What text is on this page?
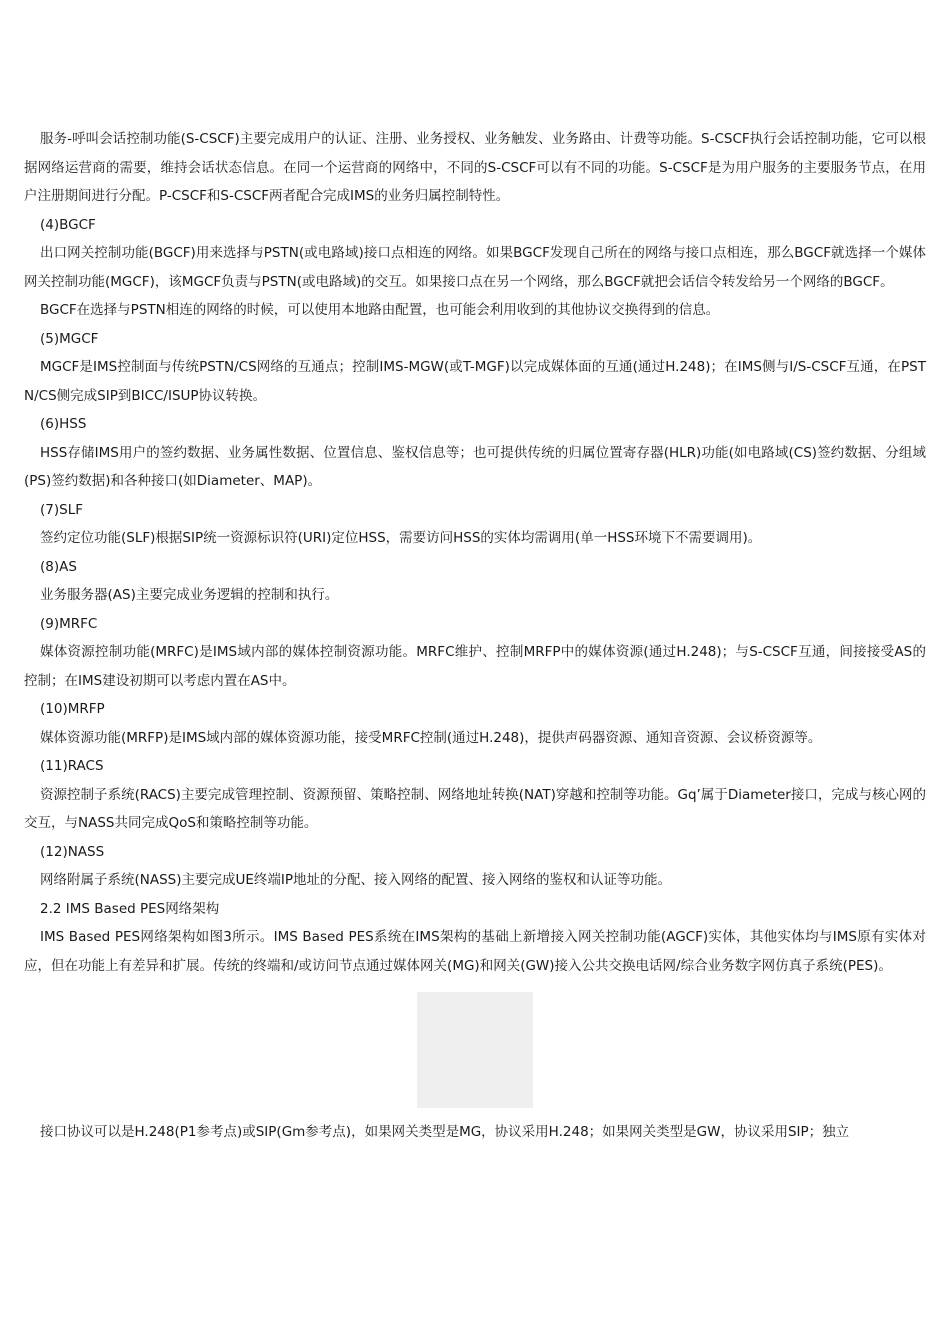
服务-呼叫会话控制功能(S-CSCF)主要完成用户的认证、注册、业务授权、业务触发、业务路由、计费等功能。S-CSCF执行会话控制功能，它可以根据网络运营商的需要，维持会话状态信息。在同一个运营商的网络中，不同的S-CSCF可以有不同的功能。S-CSCF是为用户服务的主要服务节点，在用户注册期间进行分配。P-CSCF和S-CSCF两者配合完成IMS的业务归属控制特性。

(4)BGCF

出口网关控制功能(BGCF)用来选择与PSTN(或电路域)接口点相连的网络。如果BGCF发现自己所在的网络与接口点相连，那么BGCF就选择一个媒体网关控制功能(MGCF)，该MGCF负责与PSTN(或电路域)的交互。如果接口点在另一个网络，那么BGCF就把会话信令转发给另一个网络的BGCF。

BGCF在选择与PSTN相连的网络的时候，可以使用本地路由配置，也可能会利用收到的其他协议交换得到的信息。

(5)MGCF

MGCF是IMS控制面与传统PSTN/CS网络的互通点；控制IMS-MGW(或T-MGF)以完成媒体面的互通(通过H.248)；在IMS侧与I/S-CSCF互通，在PSTN/CS侧完成SIP到BICC/ISUP协议转换。

(6)HSS

HSS存储IMS用户的签约数据、业务属性数据、位置信息、鉴权信息等；也可提供传统的归属位置寄存器(HLR)功能(如电路域(CS)签约数据、分组域(PS)签约数据)和各种接口(如Diameter、MAP)。

(7)SLF

签约定位功能(SLF)根据SIP统一资源标识符(URI)定位HSS，需要访问HSS的实体均需调用(单一HSS环境下不需要调用)。

(8)AS

业务服务器(AS)主要完成业务逻辑的控制和执行。

(9)MRFC

媒体资源控制功能(MRFC)是IMS域内部的媒体控制资源功能。MRFC维护、控制MRFP中的媒体资源(通过H.248)；与S-CSCF互通，间接接受AS的控制；在IMS建设初期可以考虑内置在AS中。

(10)MRFP

媒体资源功能(MRFP)是IMS域内部的媒体资源功能，接受MRFC控制(通过H.248)，提供声码器资源、通知音资源、会议桥资源等。

(11)RACS

资源控制子系统(RACS)主要完成管理控制、资源预留、策略控制、网络地址转换(NAT)穿越和控制等功能。Gq’属于Diameter接口，完成与核心网的交互，与NASS共同完成QoS和策略控制等功能。

(12)NASS

网络附属子系统(NASS)主要完成UE终端IP地址的分配、接入网络的配置、接入网络的鉴权和认证等功能。

2.2 IMS Based PES网络架构

IMS Based PES网络架构如图3所示。IMS Based PES系统在IMS架构的基础上新增接入网关控制功能(AGCF)实体，其他实体均与IMS原有实体对应，但在功能上有差异和扩展。传统的终端和/或访问节点通过媒体网关(MG)和网关(GW)接入公共交换电话网/综合业务数字网仿真子系统(PES)。

接口协议可以是H.248(P1参考点)或SIP(Gm参考点)，如果网关类型是MG，协议采用H.248；如果网关类型是GW，协议采用SIP；独立
